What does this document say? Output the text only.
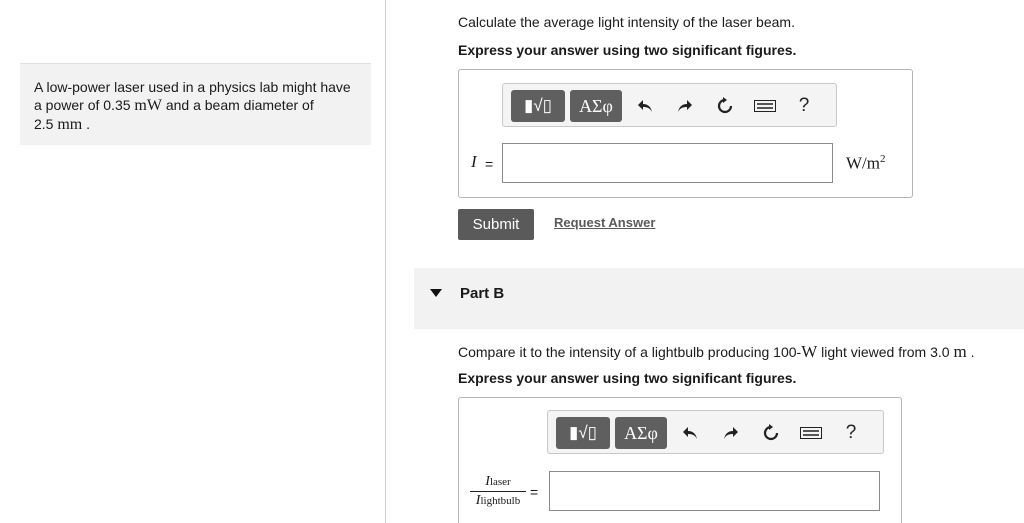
A low-power laser used in a physics lab might have a power of 0.35 mW and a beam diameter of
2.5 mm .
Calculate the average light intensity of the laser beam.
Express your answer using two significant figures.
▮√▯ ΑΣφ	?
I =	$W/m^2$
Submit	Request Answer
Part B
Compare it to the intensity of a lightbulb producing 100-W light viewed from 3.0 m .
Express your answer using two significant figures.
▮√▯ ΑΣφ	?
Ilaser
Ilightbulb
=
